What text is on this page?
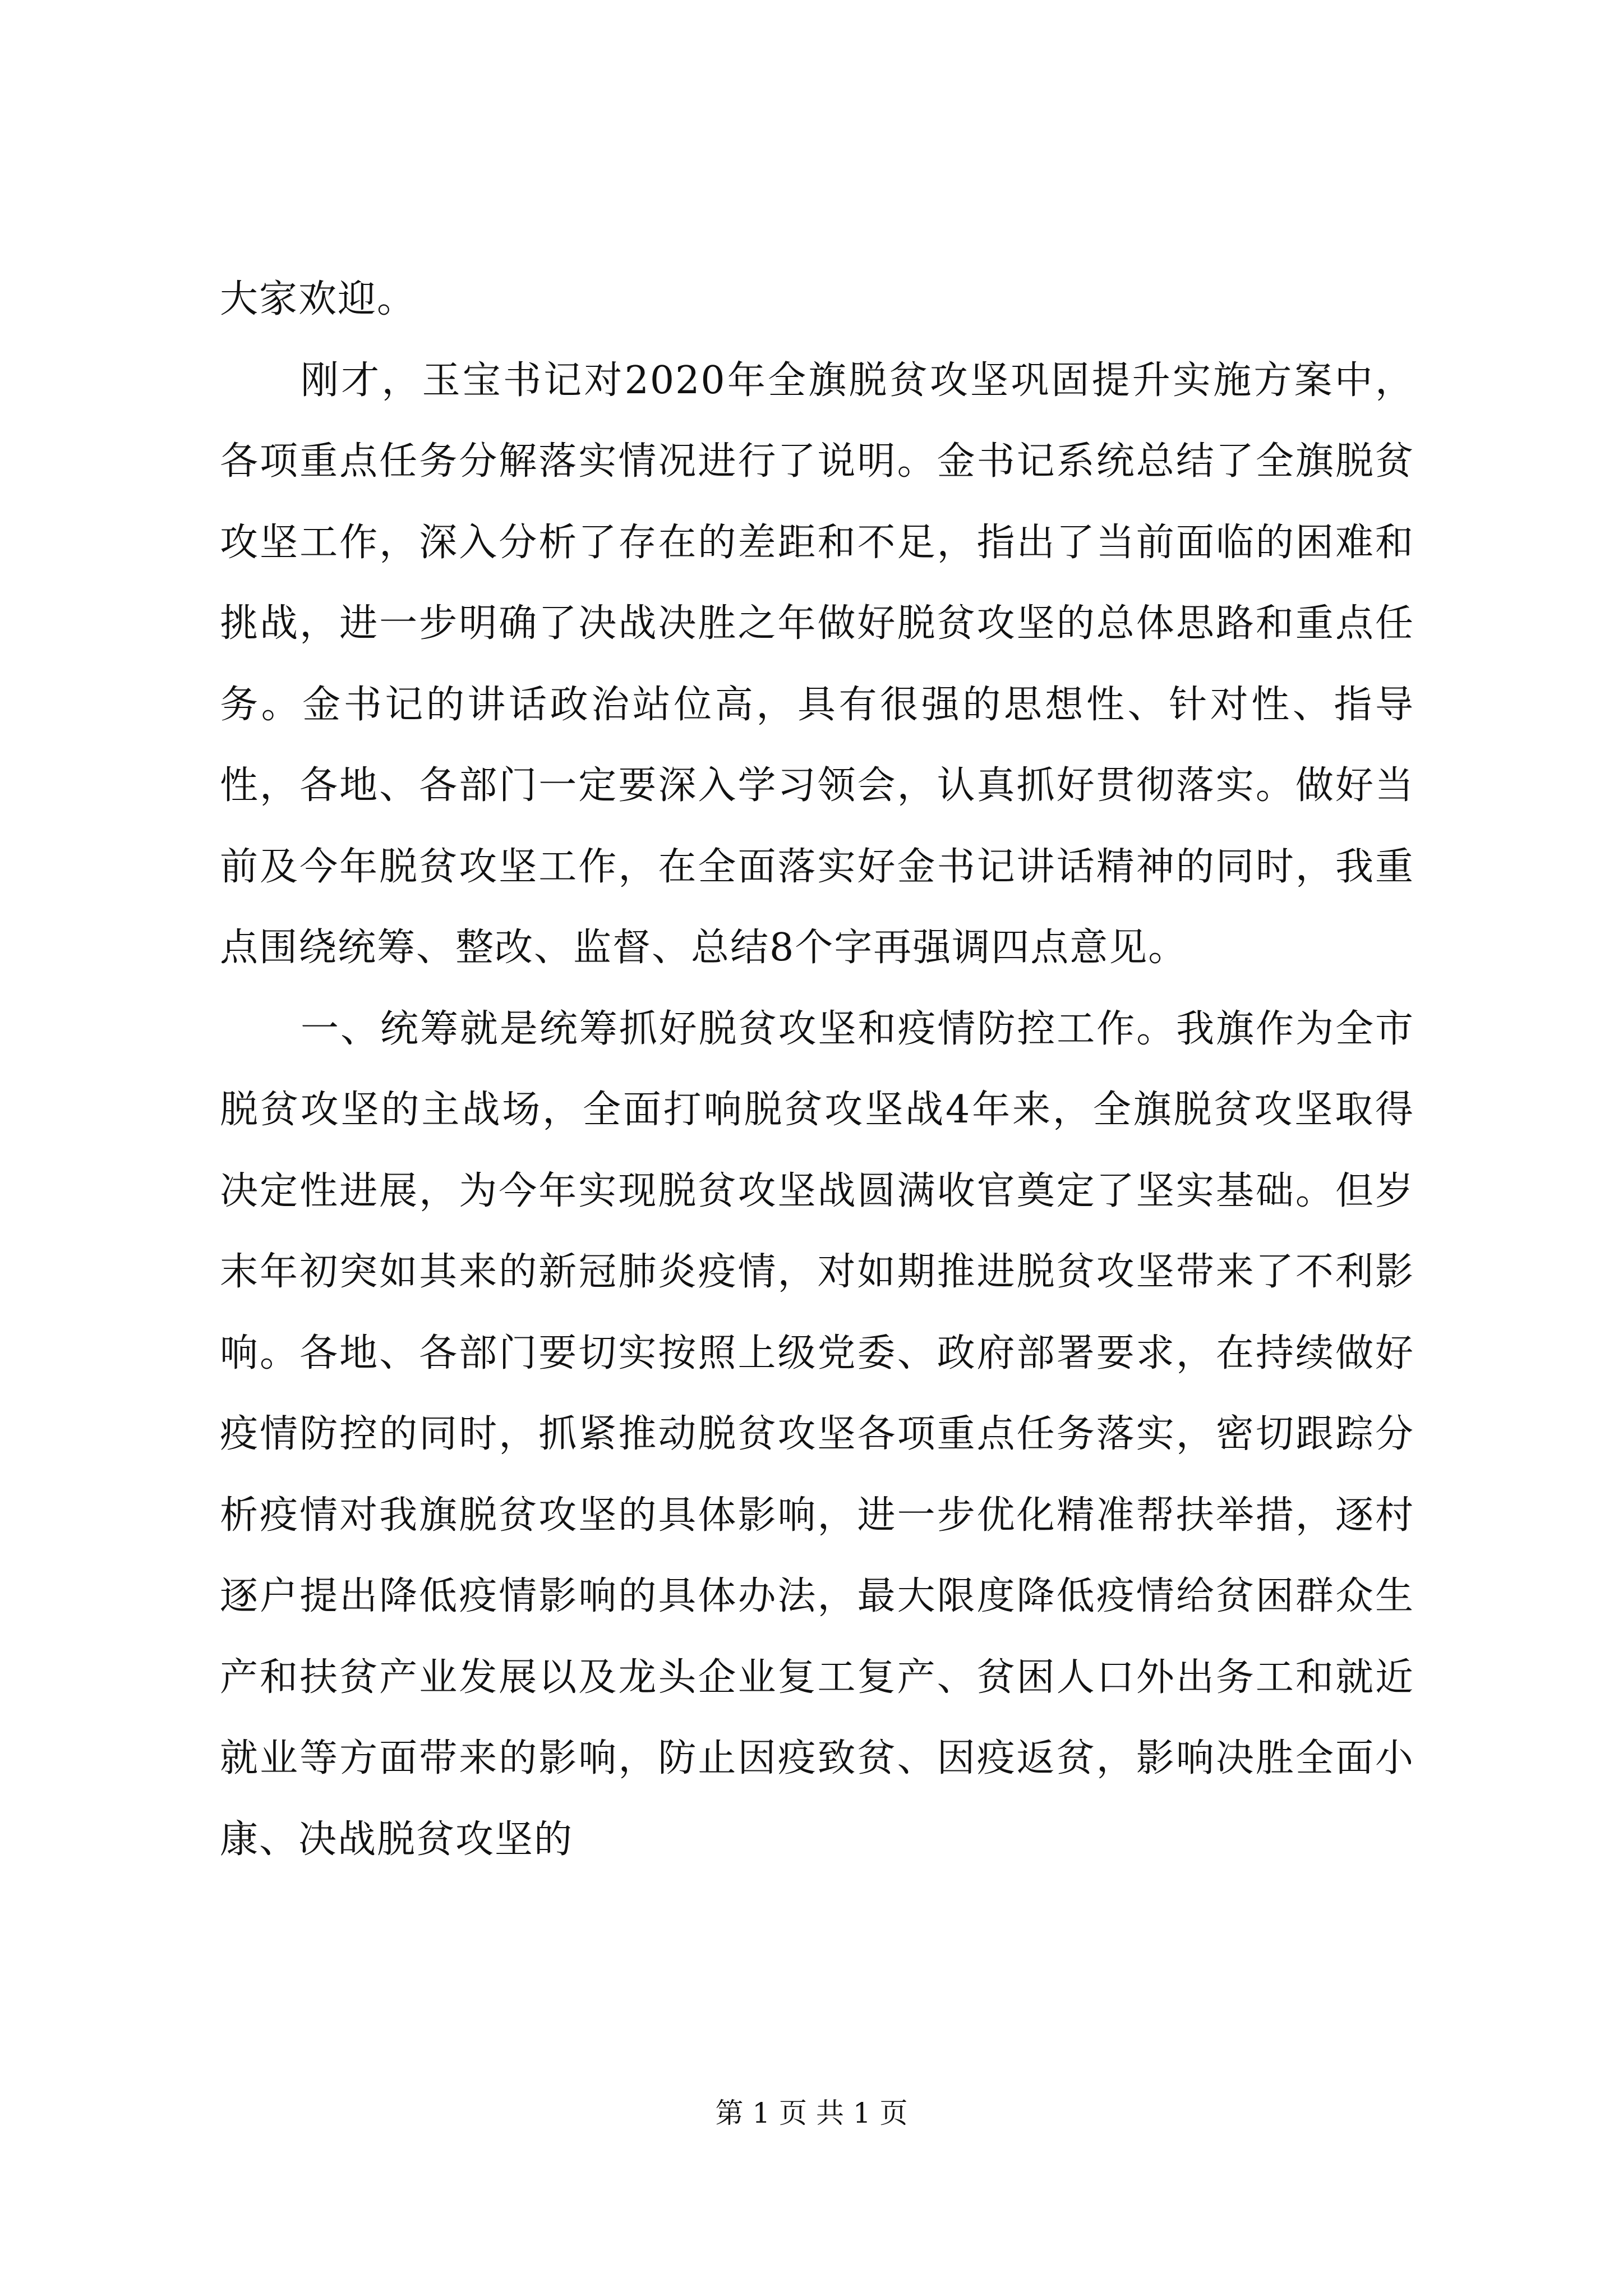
大家欢迎。

刚才，玉宝书记对2020年全旗脱贫攻坚巩固提升实施方案中，各项重点任务分解落实情况进行了说明。金书记系统总结了全旗脱贫攻坚工作，深入分析了存在的差距和不足，指出了当前面临的困难和挑战，进一步明确了决战决胜之年做好脱贫攻坚的总体思路和重点任务。金书记的讲话政治站位高，具有很强的思想性、针对性、指导性，各地、各部门一定要深入学习领会，认真抓好贯彻落实。做好当前及今年脱贫攻坚工作，在全面落实好金书记讲话精神的同时，我重点围绕统筹、整改、监督、总结8个字再强调四点意见。

一、统筹就是统筹抓好脱贫攻坚和疫情防控工作。我旗作为全市脱贫攻坚的主战场，全面打响脱贫攻坚战4年来，全旗脱贫攻坚取得决定性进展，为今年实现脱贫攻坚战圆满收官奠定了坚实基础。但岁末年初突如其来的新冠肺炎疫情，对如期推进脱贫攻坚带来了不利影响。各地、各部门要切实按照上级党委、政府部署要求，在持续做好疫情防控的同时，抓紧推动脱贫攻坚各项重点任务落实，密切跟踪分析疫情对我旗脱贫攻坚的具体影响，进一步优化精准帮扶举措，逐村逐户提出降低疫情影响的具体办法，最大限度降低疫情给贫困群众生产和扶贫产业发展以及龙头企业复工复产、贫困人口外出务工和就近就业等方面带来的影响，防止因疫致贫、因疫返贫，影响决胜全面小康、决战脱贫攻坚的

第 1 页 共 1 页
